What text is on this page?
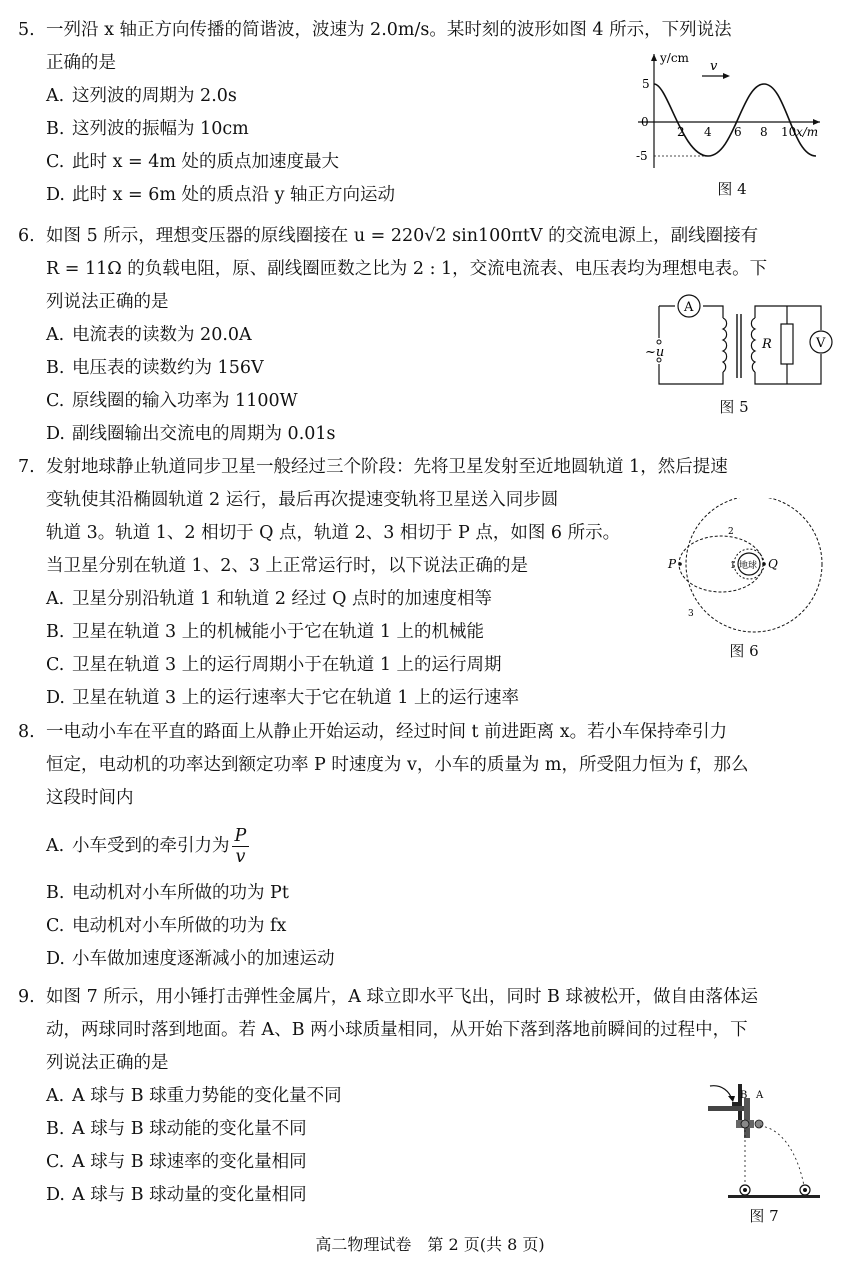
5. 一列沿 x 轴正方向传播的简谐波，波速为 2.0m/s。某时刻的波形如图 4 所示，下列说法
正确的是
A. 这列波的周期为 2.0s
B. 这列波的振幅为 10cm
C. 此时 x = 4m 处的质点加速度最大
D. 此时 x = 6m 处的质点沿 y 轴正方向运动
v
y/cm
x/m
0
5
-5
2 4 6 8 10
图 4
6. 如图 5 所示，理想变压器的原线圈接在 u = 220√2 sin100πtV 的交流电源上，副线圈接有
R = 11Ω 的负载电阻，原、副线圈匝数之比为 2 : 1，交流电流表、电压表均为理想电表。下
列说法正确的是
A. 电流表的读数为 20.0A
B. 电压表的读数约为 156V
C. 原线圈的输入功率为 1100W
D. 副线圈输出交流电的周期为 0.01s
A
~u
R	V
图 5
7. 发射地球静止轨道同步卫星一般经过三个阶段：先将卫星发射至近地圆轨道 1，然后提速
变轨使其沿椭圆轨道 2 运行，最后再次提速变轨将卫星送入同步圆
轨道 3。轨道 1、2 相切于 Q 点，轨道 2、3 相切于 P 点，如图 6 所示。
当卫星分别在轨道 1、2、3 上正常运行时，以下说法正确的是
A. 卫星分别沿轨道 1 和轨道 2 经过 Q 点时的加速度相等
B. 卫星在轨道 3 上的机械能小于它在轨道 1 上的机械能
C. 卫星在轨道 3 上的运行周期小于在轨道 1 上的运行周期
D. 卫星在轨道 3 上的运行速率大于它在轨道 1 上的运行速率
地球
P	Q
1
2
3
图 6
8. 一电动小车在平直的路面上从静止开始运动，经过时间 t 前进距离 x。若小车保持牵引力
恒定，电动机的功率达到额定功率 P 时速度为 v，小车的质量为 m，所受阻力恒为 f，那么
这段时间内
A. 小车受到的牵引力为 $\frac{P}{v}$
B. 电动机对小车所做的功为 Pt
C. 电动机对小车所做的功为 fx
D. 小车做加速度逐渐减小的加速运动
9. 如图 7 所示，用小锤打击弹性金属片，A 球立即水平飞出，同时 B 球被松开，做自由落体运
动，两球同时落到地面。若 A、B 两小球质量相同，从开始下落到落地前瞬间的过程中，下
列说法正确的是
A. A 球与 B 球重力势能的变化量不同
B. A 球与 B 球动能的变化量不同
C. A 球与 B 球速率的变化量相同
D. A 球与 B 球动量的变化量相同
B A
图 7
高二物理试卷　第 2 页(共 8 页)
